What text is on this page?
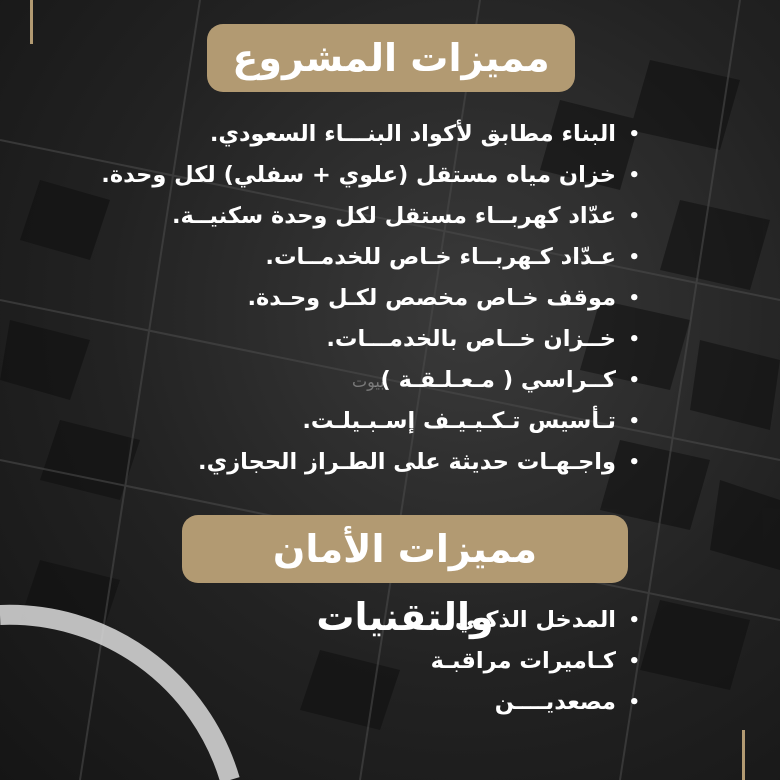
مميزات المشروع
•البناء مطابق لأكواد البنـــاء السعودي.
•خزان مياه مستقل (علوي + سفلي) لكل وحدة.
•عدّاد كهربــاء مستقل لكل وحدة سكنيــة.
•عـدّاد كـهربــاء خـاص للخدمــات.
•موقف خـاص مخصص لكـل وحـدة.
•خــزان خــاص بالخدمـــات.
•كــراسي ( مـعـلـقـة )
•تـأسيس تـكـيـيـف إسـبـيلـت.
•واجـهـات حديثة على الطـراز الحجازي.
بيوت
مميزات الأمان والتقنيات	•المدخل الذكـي
•كـاميرات مراقبـة
•مصعديــــن
